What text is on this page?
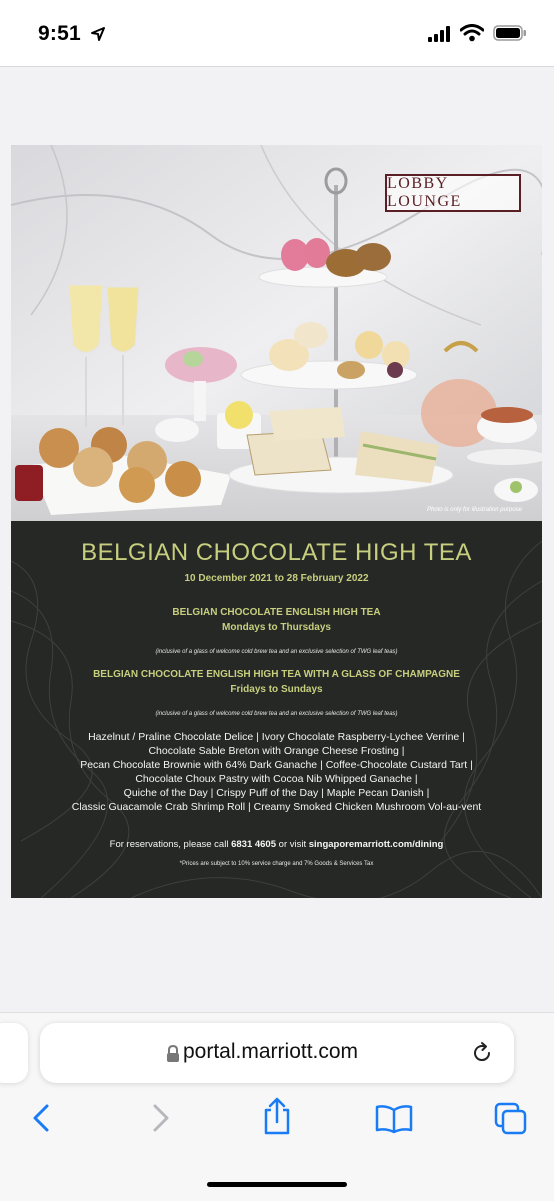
9:51
LOBBY LOUNGE
Photo is only for illustration purpose
BELGIAN CHOCOLATE HIGH TEA
10 December 2021 to 28 February 2022
BELGIAN CHOCOLATE ENGLISH HIGH TEA
Mondays to Thursdays
(inclusive of a glass of welcome cold brew tea and an exclusive selection of TWG leaf teas)
BELGIAN CHOCOLATE ENGLISH HIGH TEA WITH A GLASS OF CHAMPAGNE
Fridays to Sundays
(inclusive of a glass of welcome cold brew tea and an exclusive selection of TWG leaf teas)
Hazelnut / Praline Chocolate Delice | Ivory Chocolate Raspberry-Lychee Verrine |
Chocolate Sable Breton with Orange Cheese Frosting |
Pecan Chocolate Brownie with 64% Dark Ganache | Coffee-Chocolate Custard Tart |
Chocolate Choux Pastry with Cocoa Nib Whipped Ganache |
Quiche of the Day | Crispy Puff of the Day | Maple Pecan Danish |
Classic Guacamole Crab Shrimp Roll | Creamy Smoked Chicken Mushroom Vol-au-vent
For reservations, please call 6831 4605 or visit singaporemarriott.com/dining
*Prices are subject to 10% service charge and 7% Goods & Services Tax
portal.marriott.com
